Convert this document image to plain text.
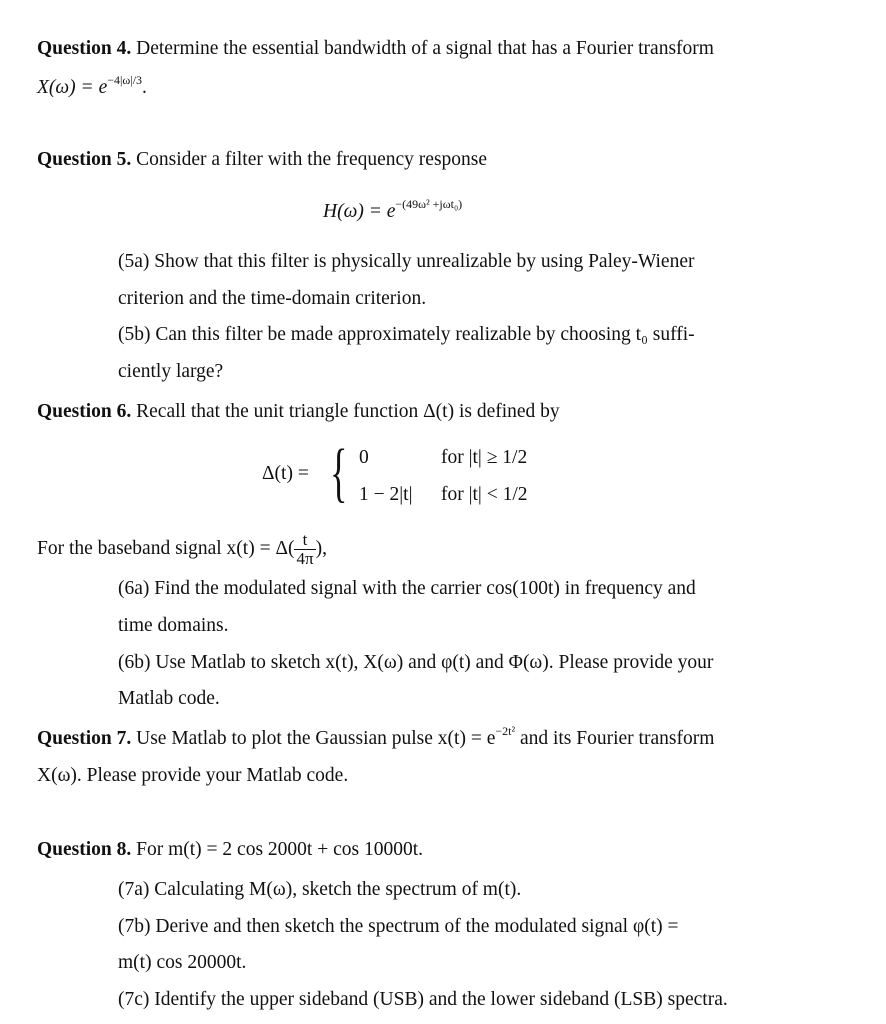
Question 4. Determine the essential bandwidth of a signal that has a Fourier transform
$X(\omega) = e^{-4|\omega|/3}$.
Question 5. Consider a filter with the frequency response
$H(\omega) = e^{-(49\omega^2 +j\omega t_0)}$
(5a) Show that this filter is physically unrealizable by using Paley-Wiener
criterion and the time-domain criterion.
(5b) Can this filter be made approximately realizable by choosing t₀ suffi-
ciently large?
Question 6. Recall that the unit triangle function Δ(t) is defined by
Δ(t) = { 0	for |t| ≥ 1/2
1 − 2|t| for |t| < 1/2
For the baseband signal $x(t) = \Delta( \frac{t}{4\pi}$ ),
(6a) Find the modulated signal with the carrier cos(100t) in frequency and
time domains.
(6b) Use Matlab to sketch x(t), X(ω) and φ(t) and Φ(ω). Please provide your
Matlab code.
Question 7. Use Matlab to plot the Gaussian pulse $x(t) = e^{-2t^2}$ and its Fourier transform
X(ω). Please provide your Matlab code.
Question 8. For m(t) = 2 cos 2000t + cos 10000t.
(7a) Calculating M(ω), sketch the spectrum of m(t).
(7b) Derive and then sketch the spectrum of the modulated signal φ(t) =
m(t) cos 20000t.
(7c) Identify the upper sideband (USB) and the lower sideband (LSB) spectra.
